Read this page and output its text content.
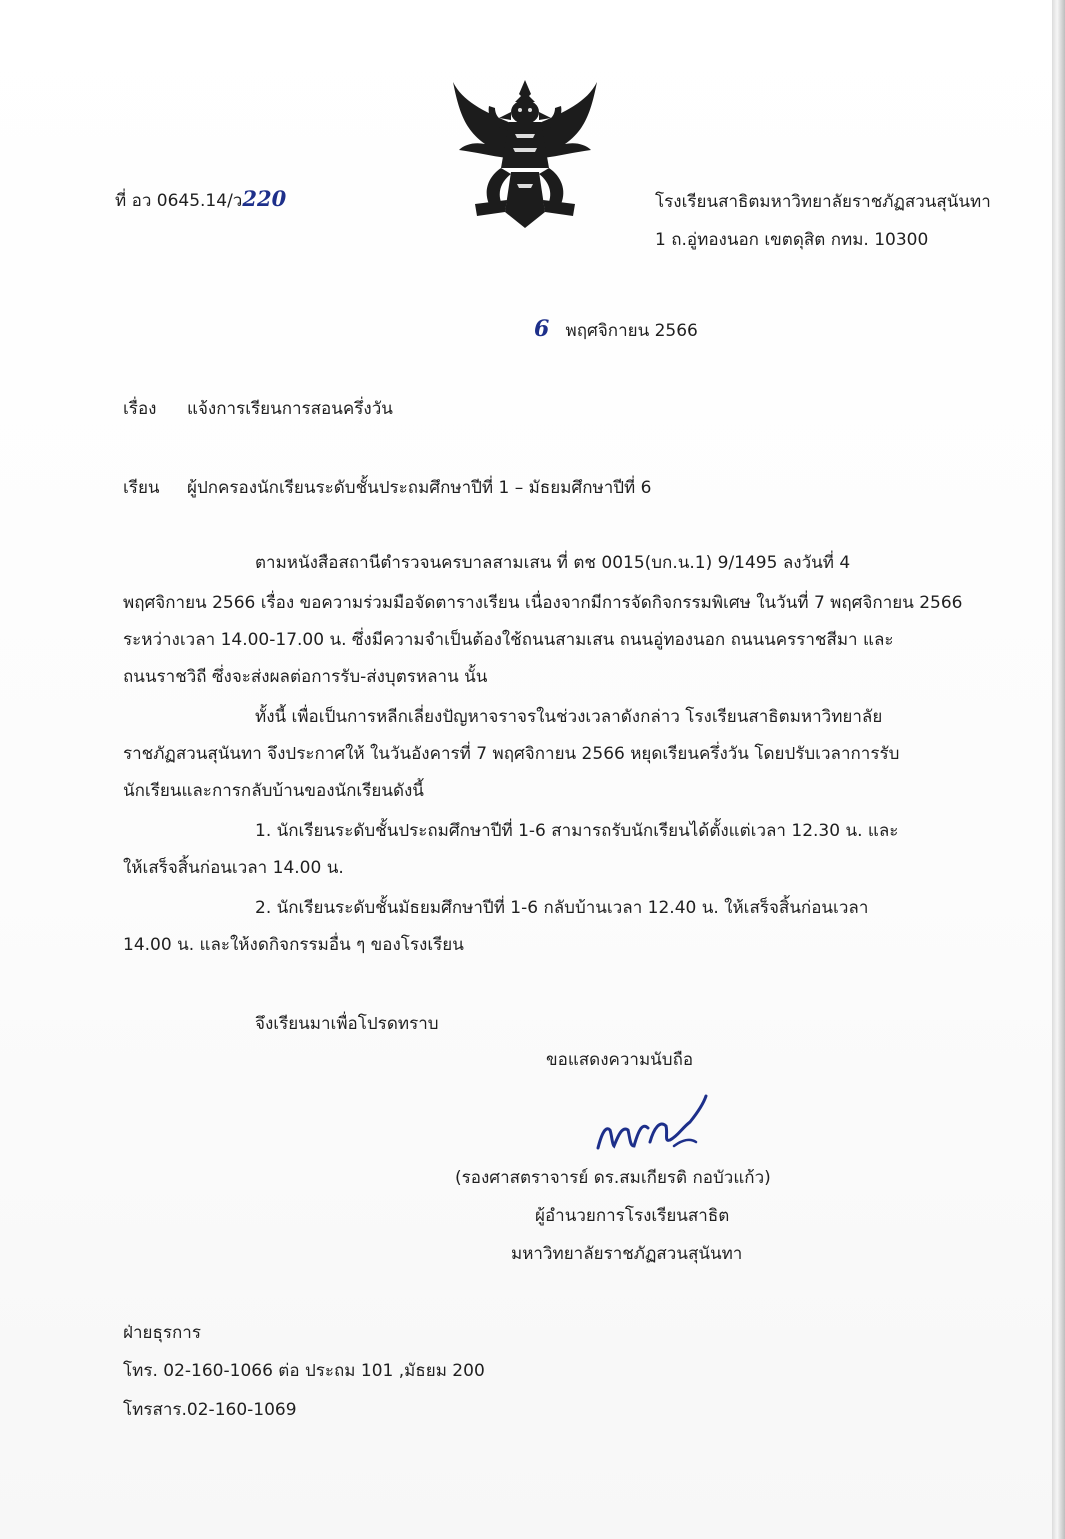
ที่ อว 0645.14/ว220	โรงเรียนสาธิตมหาวิทยาลัยราชภัฏสวนสุนันทา
1 ถ.อู่ทองนอก เขตดุสิต กทม. 10300
6 พฤศจิกายน 2566
เรื่อง แจ้งการเรียนการสอนครึ่งวัน
เรียน ผู้ปกครองนักเรียนระดับชั้นประถมศึกษาปีที่ 1 – มัธยมศึกษาปีที่ 6
ตามหนังสือสถานีตำรวจนครบาลสามเสน ที่ ตช 0015(บก.น.1) 9/1495 ลงวันที่ 4
พฤศจิกายน 2566 เรื่อง ขอความร่วมมือจัดตารางเรียน เนื่องจากมีการจัดกิจกรรมพิเศษ ในวันที่ 7 พฤศจิกายน 2566
ระหว่างเวลา 14.00-17.00 น. ซึ่งมีความจำเป็นต้องใช้ถนนสามเสน ถนนอู่ทองนอก ถนนนครราชสีมา และ
ถนนราชวิถี ซึ่งจะส่งผลต่อการรับ-ส่งบุตรหลาน นั้น
ทั้งนี้ เพื่อเป็นการหลีกเลี่ยงปัญหาจราจรในช่วงเวลาดังกล่าว โรงเรียนสาธิตมหาวิทยาลัย
ราชภัฏสวนสุนันทา จึงประกาศให้ ในวันอังคารที่ 7 พฤศจิกายน 2566 หยุดเรียนครึ่งวัน โดยปรับเวลาการรับ
นักเรียนและการกลับบ้านของนักเรียนดังนี้
1. นักเรียนระดับชั้นประถมศึกษาปีที่ 1-6 สามารถรับนักเรียนได้ตั้งแต่เวลา 12.30 น. และ
ให้เสร็จสิ้นก่อนเวลา 14.00 น.
2. นักเรียนระดับชั้นมัธยมศึกษาปีที่ 1-6 กลับบ้านเวลา 12.40 น. ให้เสร็จสิ้นก่อนเวลา
14.00 น. และให้งดกิจกรรมอื่น ๆ ของโรงเรียน
จึงเรียนมาเพื่อโปรดทราบ
ขอแสดงความนับถือ
(รองศาสตราจารย์ ดร.สมเกียรติ กอบัวแก้ว)
ผู้อำนวยการโรงเรียนสาธิต
มหาวิทยาลัยราชภัฏสวนสุนันทา
ฝ่ายธุรการ
โทร. 02-160-1066 ต่อ ประถม 101 ,มัธยม 200
โทรสาร.02-160-1069
